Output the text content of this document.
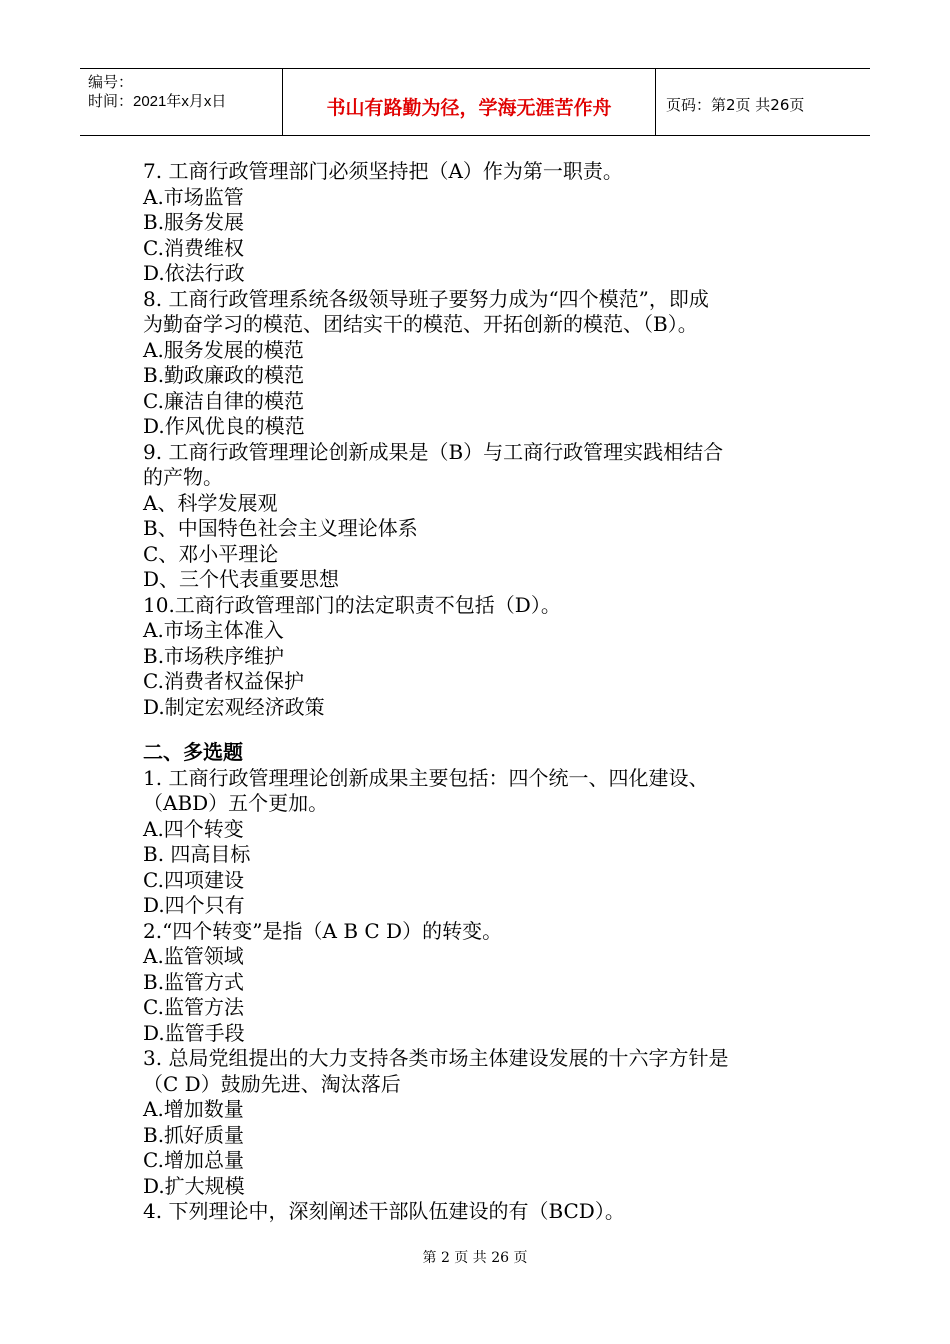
编号：
时间：2021年x月x日	书山有路勤为径，学海无涯苦作舟	页码：第2页 共26页
7. 工商行政管理部门必须坚持把（A）作为第一职责。
A.市场监管
B.服务发展
C.消费维权
D.依法行政
8. 工商行政管理系统各级领导班子要努力成为“四个模范”，即成
为勤奋学习的模范、团结实干的模范、开拓创新的模范、（B）。
A.服务发展的模范
B.勤政廉政的模范
C.廉洁自律的模范
D.作风优良的模范
9. 工商行政管理理论创新成果是（B）与工商行政管理实践相结合
的产物。
A、科学发展观
B、中国特色社会主义理论体系
C、邓小平理论
D、三个代表重要思想
10.工商行政管理部门的法定职责不包括（D）。
A.市场主体准入
B.市场秩序维护
C.消费者权益保护
D.制定宏观经济政策
二、多选题
1. 工商行政管理理论创新成果主要包括：四个统一、四化建设、
（ABD）五个更加。
A.四个转变
B. 四高目标
C.四项建设
D.四个只有
2.“四个转变”是指（A B C D）的转变。
A.监管领域
B.监管方式
C.监管方法
D.监管手段
3. 总局党组提出的大力支持各类市场主体建设发展的十六字方针是
（C D）鼓励先进、淘汰落后
A.增加数量
B.抓好质量
C.增加总量
D.扩大规模
4. 下列理论中，深刻阐述干部队伍建设的有（BCD）。
第 2 页 共 26 页
